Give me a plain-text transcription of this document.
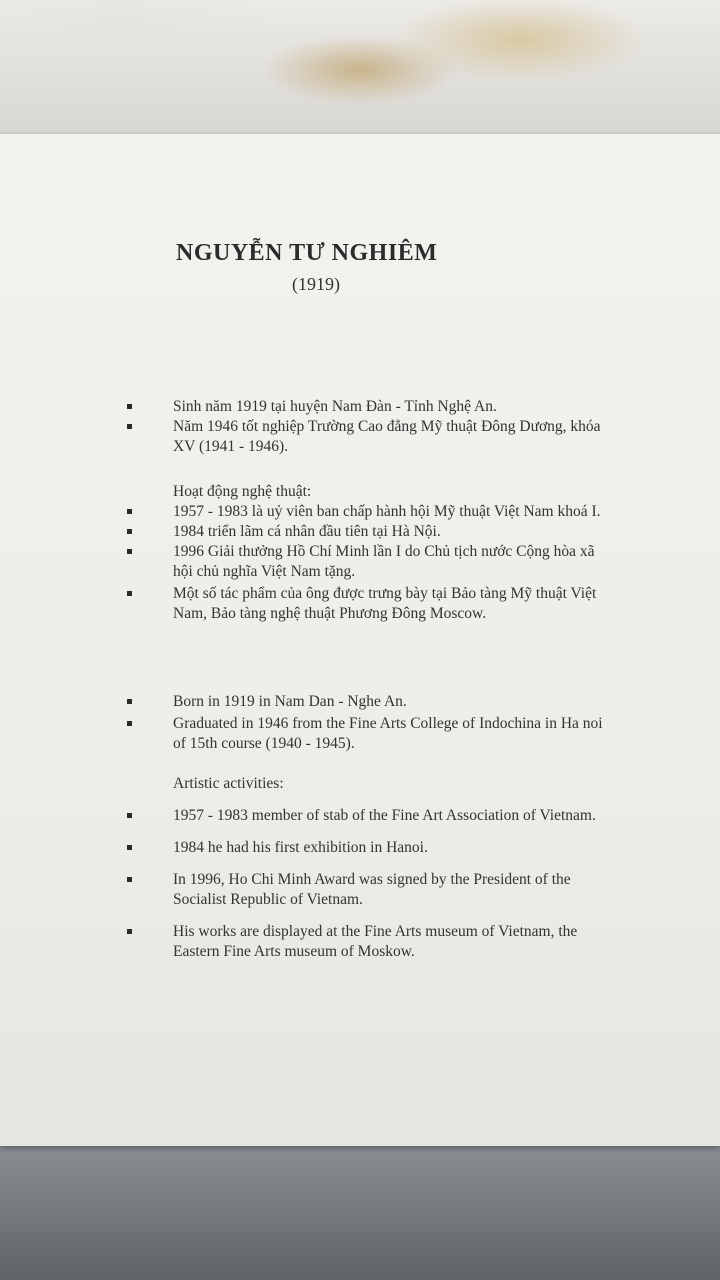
NGUYỄN TƯ NGHIÊM
(1919)
Sinh năm 1919 tại huyện Nam Đàn - Tỉnh Nghệ An.
Năm 1946 tốt nghiệp Trường Cao đẳng Mỹ thuật Đông Dương, khóa XV (1941 - 1946).
Hoạt động nghệ thuật:
1957 - 1983 là uỷ viên ban chấp hành hội Mỹ thuật Việt Nam khoá I.
1984 triển lãm cá nhân đầu tiên tại Hà Nội.
1996 Giải thưởng Hồ Chí Minh lần I do Chủ tịch nước Cộng hòa xã hội chủ nghĩa Việt Nam tặng.
Một số tác phẩm của ông được trưng bày tại Bảo tàng Mỹ thuật Việt Nam, Bảo tàng nghệ thuật Phương Đông Moscow.
Born in 1919 in Nam Dan - Nghe An.
Graduated in 1946 from the Fine Arts College of Indochina in Ha noi of 15th course (1940 - 1945).
Artistic activities:
1957 - 1983 member of stab of the Fine Art Association of Vietnam.
1984 he had his first exhibition in Hanoi.
In 1996, Ho Chi Minh Award was signed by the President of the Socialist Republic of Vietnam.
His works are displayed at the Fine Arts museum of Vietnam, the Eastern Fine Arts museum of Moskow.
